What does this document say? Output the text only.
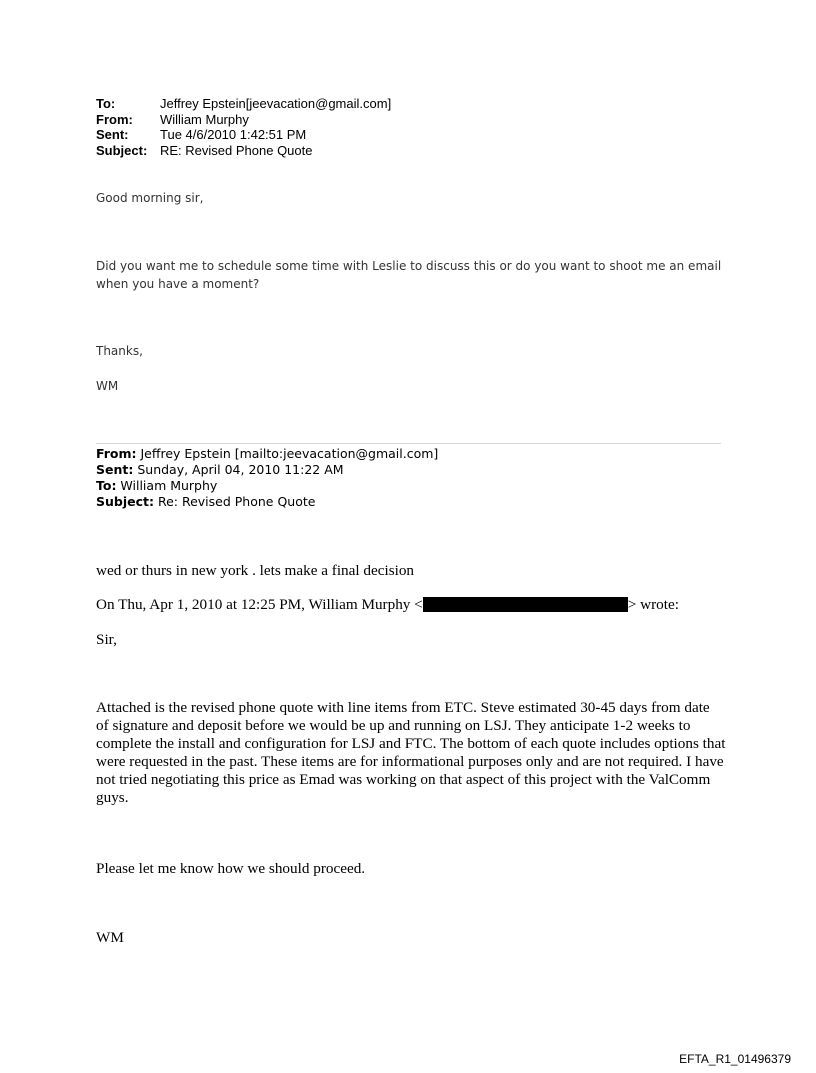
To:	Jeffrey Epstein[jeevacation@gmail.com]
From:	William Murphy
Sent:	Tue 4/6/2010 1:42:51 PM
Subject: RE: Revised Phone Quote
Good morning sir,
Did you want me to schedule some time with Leslie to discuss this or do you want to shoot me an email when you have a moment?
Thanks,
WM
From: Jeffrey Epstein [mailto:jeevacation@gmail.com]
Sent: Sunday, April 04, 2010 11:22 AM
To: William Murphy
Subject: Re: Revised Phone Quote
wed or thurs in new york . lets make a final decision
On Thu, Apr 1, 2010 at 12:25 PM, William Murphy <	> wrote:
Sir,
Attached is the revised phone quote with line items from ETC. Steve estimated 30-45 days from date of signature and deposit before we would be up and running on LSJ. They anticipate 1-2 weeks to complete the install and configuration for LSJ and FTC. The bottom of each quote includes options that were requested in the past. These items are for informational purposes only and are not required. I have not tried negotiating this price as Emad was working on that aspect of this project with the ValComm guys.
Please let me know how we should proceed.
WM
EFTA_R1_01496379
